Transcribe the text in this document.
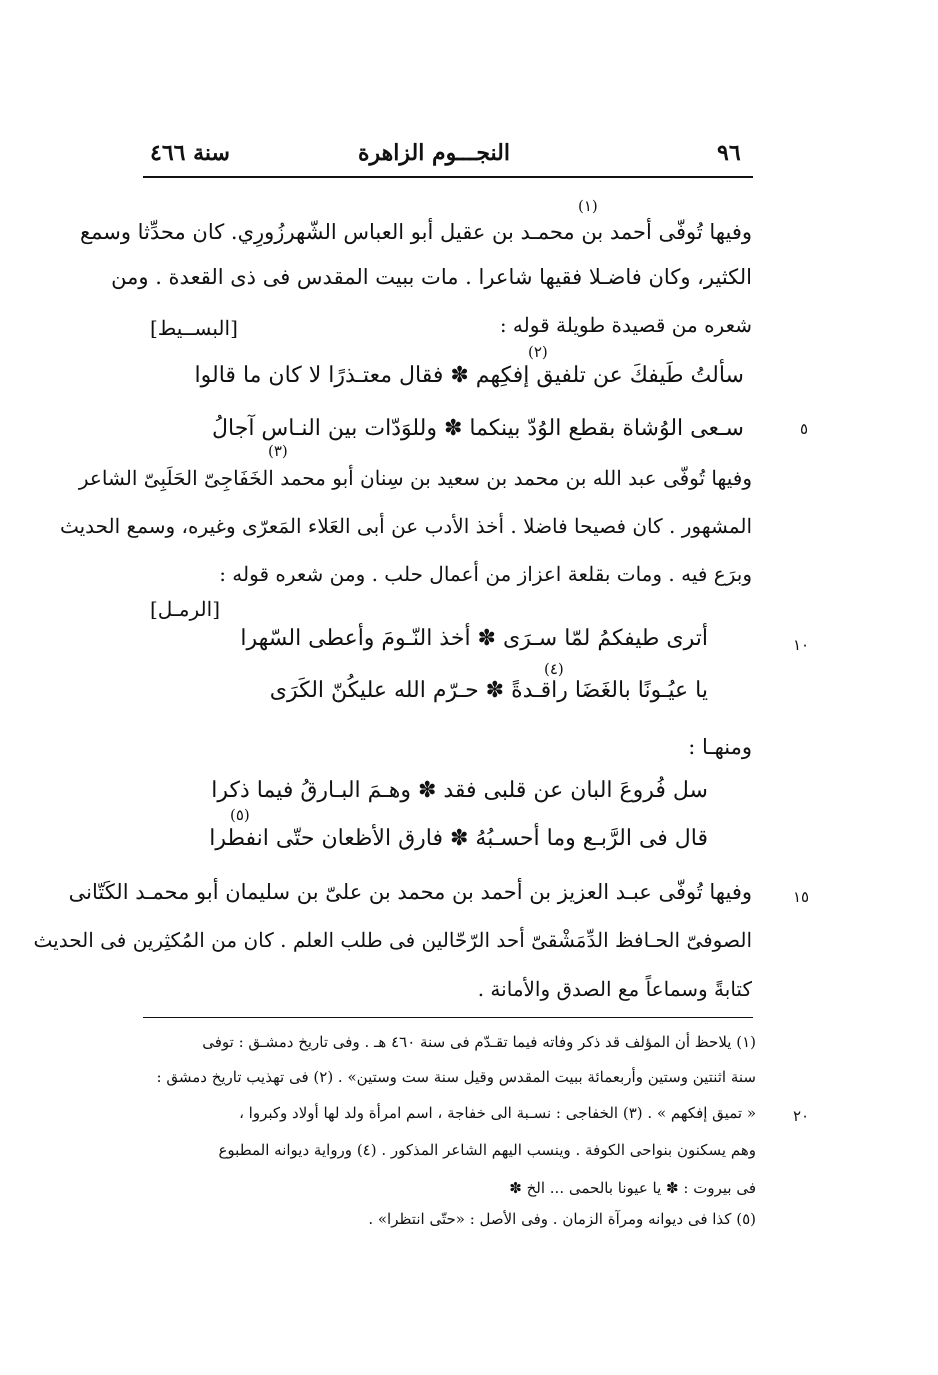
٩٦
النجـــوم الزاهرة
سنة ٤٦٦
(١)
(٢)
(٣)
(٤)
(٥)
وفيها تُوفّى أحمد بن محمـد بن عقيل أبو العباس الشّهرزُورِي. كان محدِّثا وسمع
الكثير، وكان فاضـلا فقيها شاعرا . مات ببيت المقدس فى ذى القعدة . ومن
شعره من قصيدة طويلة قوله :
[البســيط]
سألتُ طَيفكَ عن تلفيق إفكِهم ✽ فقال معتـذرًا لا كان ما قالوا
سـعى الوُشاة بقطع الوُدّ بينكما ✽ وللوَدّات بين النـاس آجالُ
وفيها تُوفّى عبد الله بن محمد بن سعيد بن سِنان أبو محمد الخَفَاجِىّ الحَلَبِىّ الشاعر
المشهور . كان فصيحا فاضلا . أخذ الأدب عن أبى العَلاء المَعرّى وغيره، وسمع الحديث
وبرَع فيه . ومات بقلعة اعزاز من أعمال حلب . ومن شعره قوله :
[الرمـل]
أترى طيفكمُ لمّا سـرَى ✽ أخذ النّـومَ وأعطى السّهرا
يا عيُـونًا بالغَضَا راقـدةً ✽ حـرّم الله عليكُنّ الكَرَى
ومنهـا :
سل فُروعَ البان عن قلبى فقد ✽ وهـمَ البـارقُ فيما ذكرا
قال فى الرَّبـع وما أحسـبُهُ ✽ فارق الأظعان حتّى انفطرا
وفيها تُوفّى عبـد العزيز بن أحمد بن محمد بن علىّ بن سليمان أبو محمـد الكَتّانى
الصوفىّ الحـافظ الدِّمَشْقىّ أحد الرّحّالين فى طلب العلم . كان من المُكثِرين فى الحديث
كتابةً وسماعاً مع الصدق والأمانة .
٥
١٠
١٥
٢٠
(١) يلاحظ أن المؤلف قد ذكر وفاته فيما تقـدّم فى سنة ٤٦٠ هـ . وفى تاريخ دمشـق : توفى
سنة اثنتين وستين وأربعمائة ببيت المقدس وقيل سنة ست وستين» . (٢) فى تهذيب تاريخ دمشق :
« تميق إفكهم » . (٣) الخفاجى : نسـبة الى خفاجة ، اسم امرأة ولد لها أولاد وكبروا ،
وهم يسكنون بنواحى الكوفة . وينسب اليهم الشاعر المذكور . (٤) ورواية ديوانه المطبوع
فى بيروت : ✽ يا عيونا بالحمى ... الخ ✽
(٥) كذا فى ديوانه ومرآة الزمان . وفى الأصل : «حتّى انتظرا» .
